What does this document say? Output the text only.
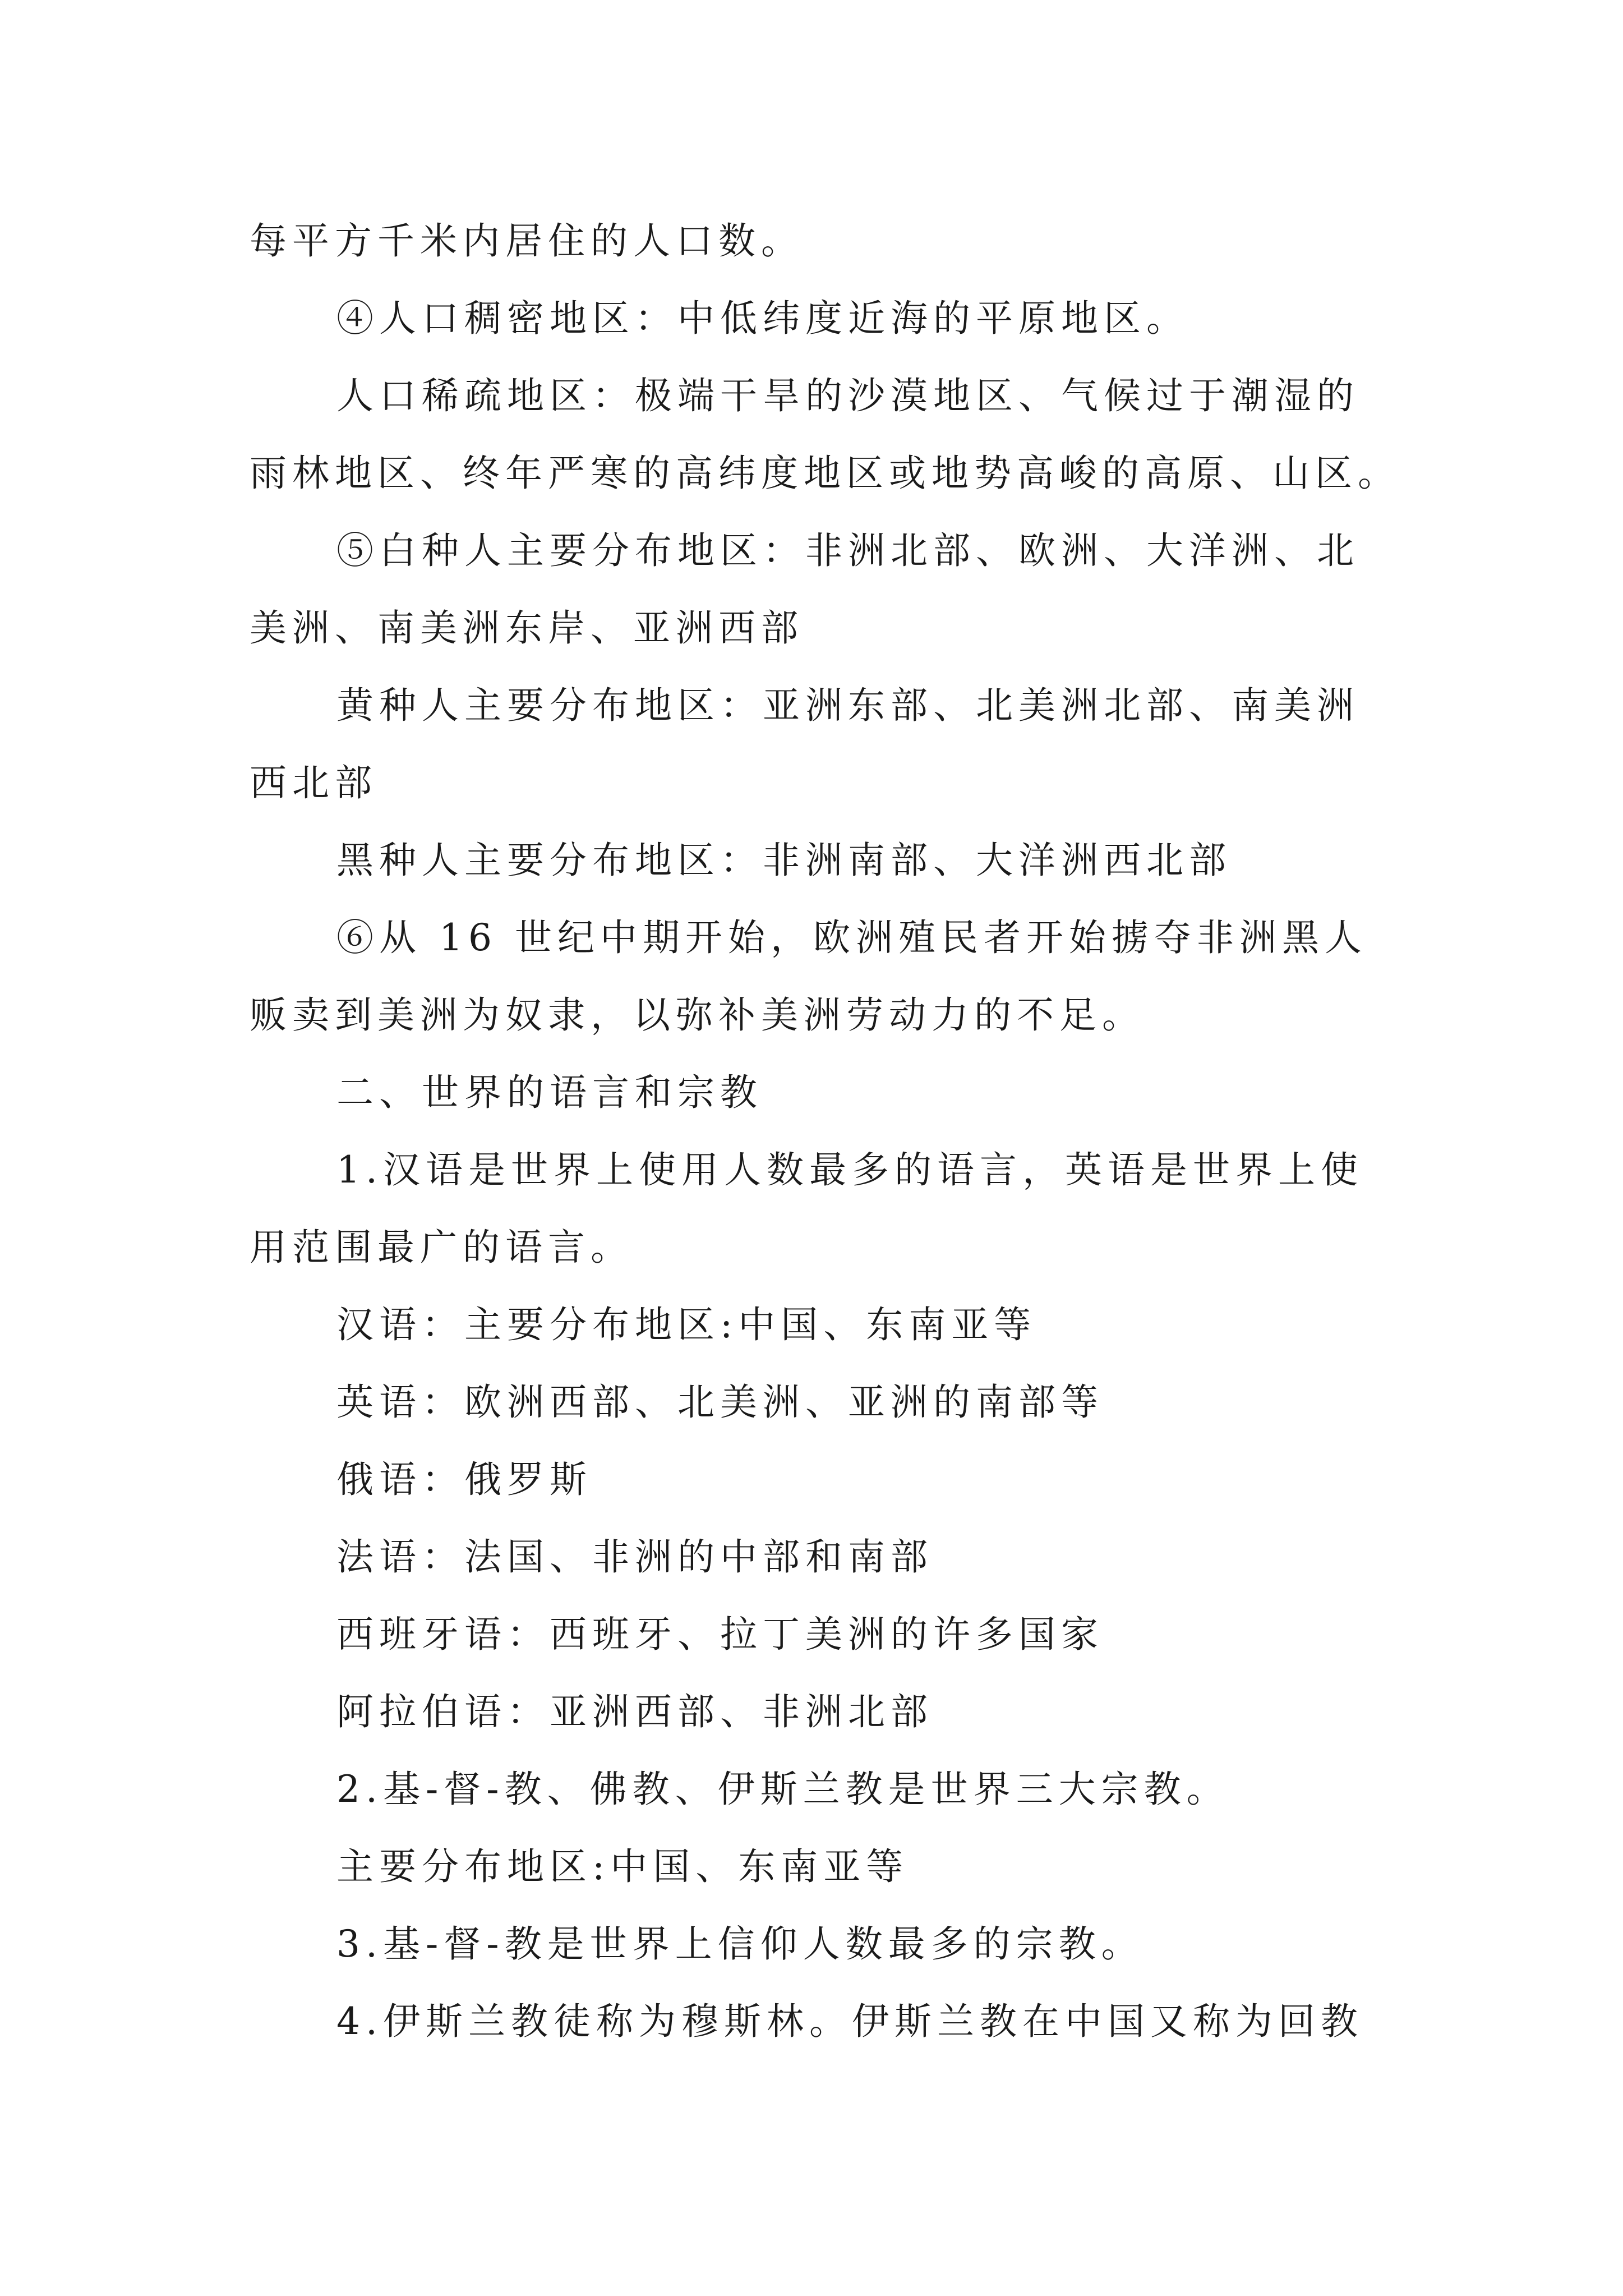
每平方千米内居住的人口数。
④人口稠密地区：中低纬度近海的平原地区。
人口稀疏地区：极端干旱的沙漠地区、气候过于潮湿的
雨林地区、终年严寒的高纬度地区或地势高峻的高原、山区。
⑤白种人主要分布地区：非洲北部、欧洲、大洋洲、北
美洲、南美洲东岸、亚洲西部
黄种人主要分布地区：亚洲东部、北美洲北部、南美洲
西北部
黑种人主要分布地区：非洲南部、大洋洲西北部
⑥从 16 世纪中期开始，欧洲殖民者开始掳夺非洲黑人
贩卖到美洲为奴隶，以弥补美洲劳动力的不足。
二、世界的语言和宗教
1.汉语是世界上使用人数最多的语言，英语是世界上使
用范围最广的语言。
汉语：主要分布地区:中国、东南亚等
英语：欧洲西部、北美洲、亚洲的南部等
俄语：俄罗斯
法语：法国、非洲的中部和南部
西班牙语：西班牙、拉丁美洲的许多国家
阿拉伯语：亚洲西部、非洲北部
2.基-督-教、佛教、伊斯兰教是世界三大宗教。
主要分布地区:中国、东南亚等
3.基-督-教是世界上信仰人数最多的宗教。
4.伊斯兰教徒称为穆斯林。伊斯兰教在中国又称为回教
